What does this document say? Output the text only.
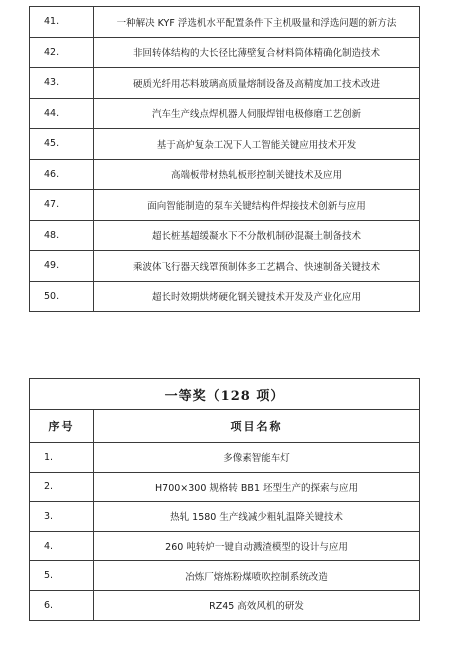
41.	一种解决 KYF 浮选机水平配置条件下主机吸量和浮选问题的新方法
42.	非回转体结构的大长径比薄壁复合材料筒体精确化制造技术
43.	硬质光纤用芯料玻璃高质量熔制设备及高精度加工技术改进
44.	汽车生产线点焊机器人伺服焊钳电极修磨工艺创新
45.	基于高炉复杂工况下人工智能关键应用技术开发
46.	高端板带材热轧板形控制关键技术及应用
47.	面向智能制造的泵车关键结构件焊接技术创新与应用
48.	超长桩基超缓凝水下不分散机制砂混凝土制备技术
49.	乘波体飞行器天线罩预制体多工艺耦合、快速制备关键技术
50.	超长时效期烘烤硬化钢关键技术开发及产业化应用
一等奖（128 项）	
序号	项目名称
1.	多像素智能车灯
2.	H700×300 规格转 BB1 坯型生产的探索与应用
3.	热轧 1580 生产线减少粗轧温降关键技术
4.	260 吨转炉一键自动溅渣模型的设计与应用
5.	冶炼厂熔炼粉煤喷吹控制系统改造
6.	RZ45 高效风机的研发
